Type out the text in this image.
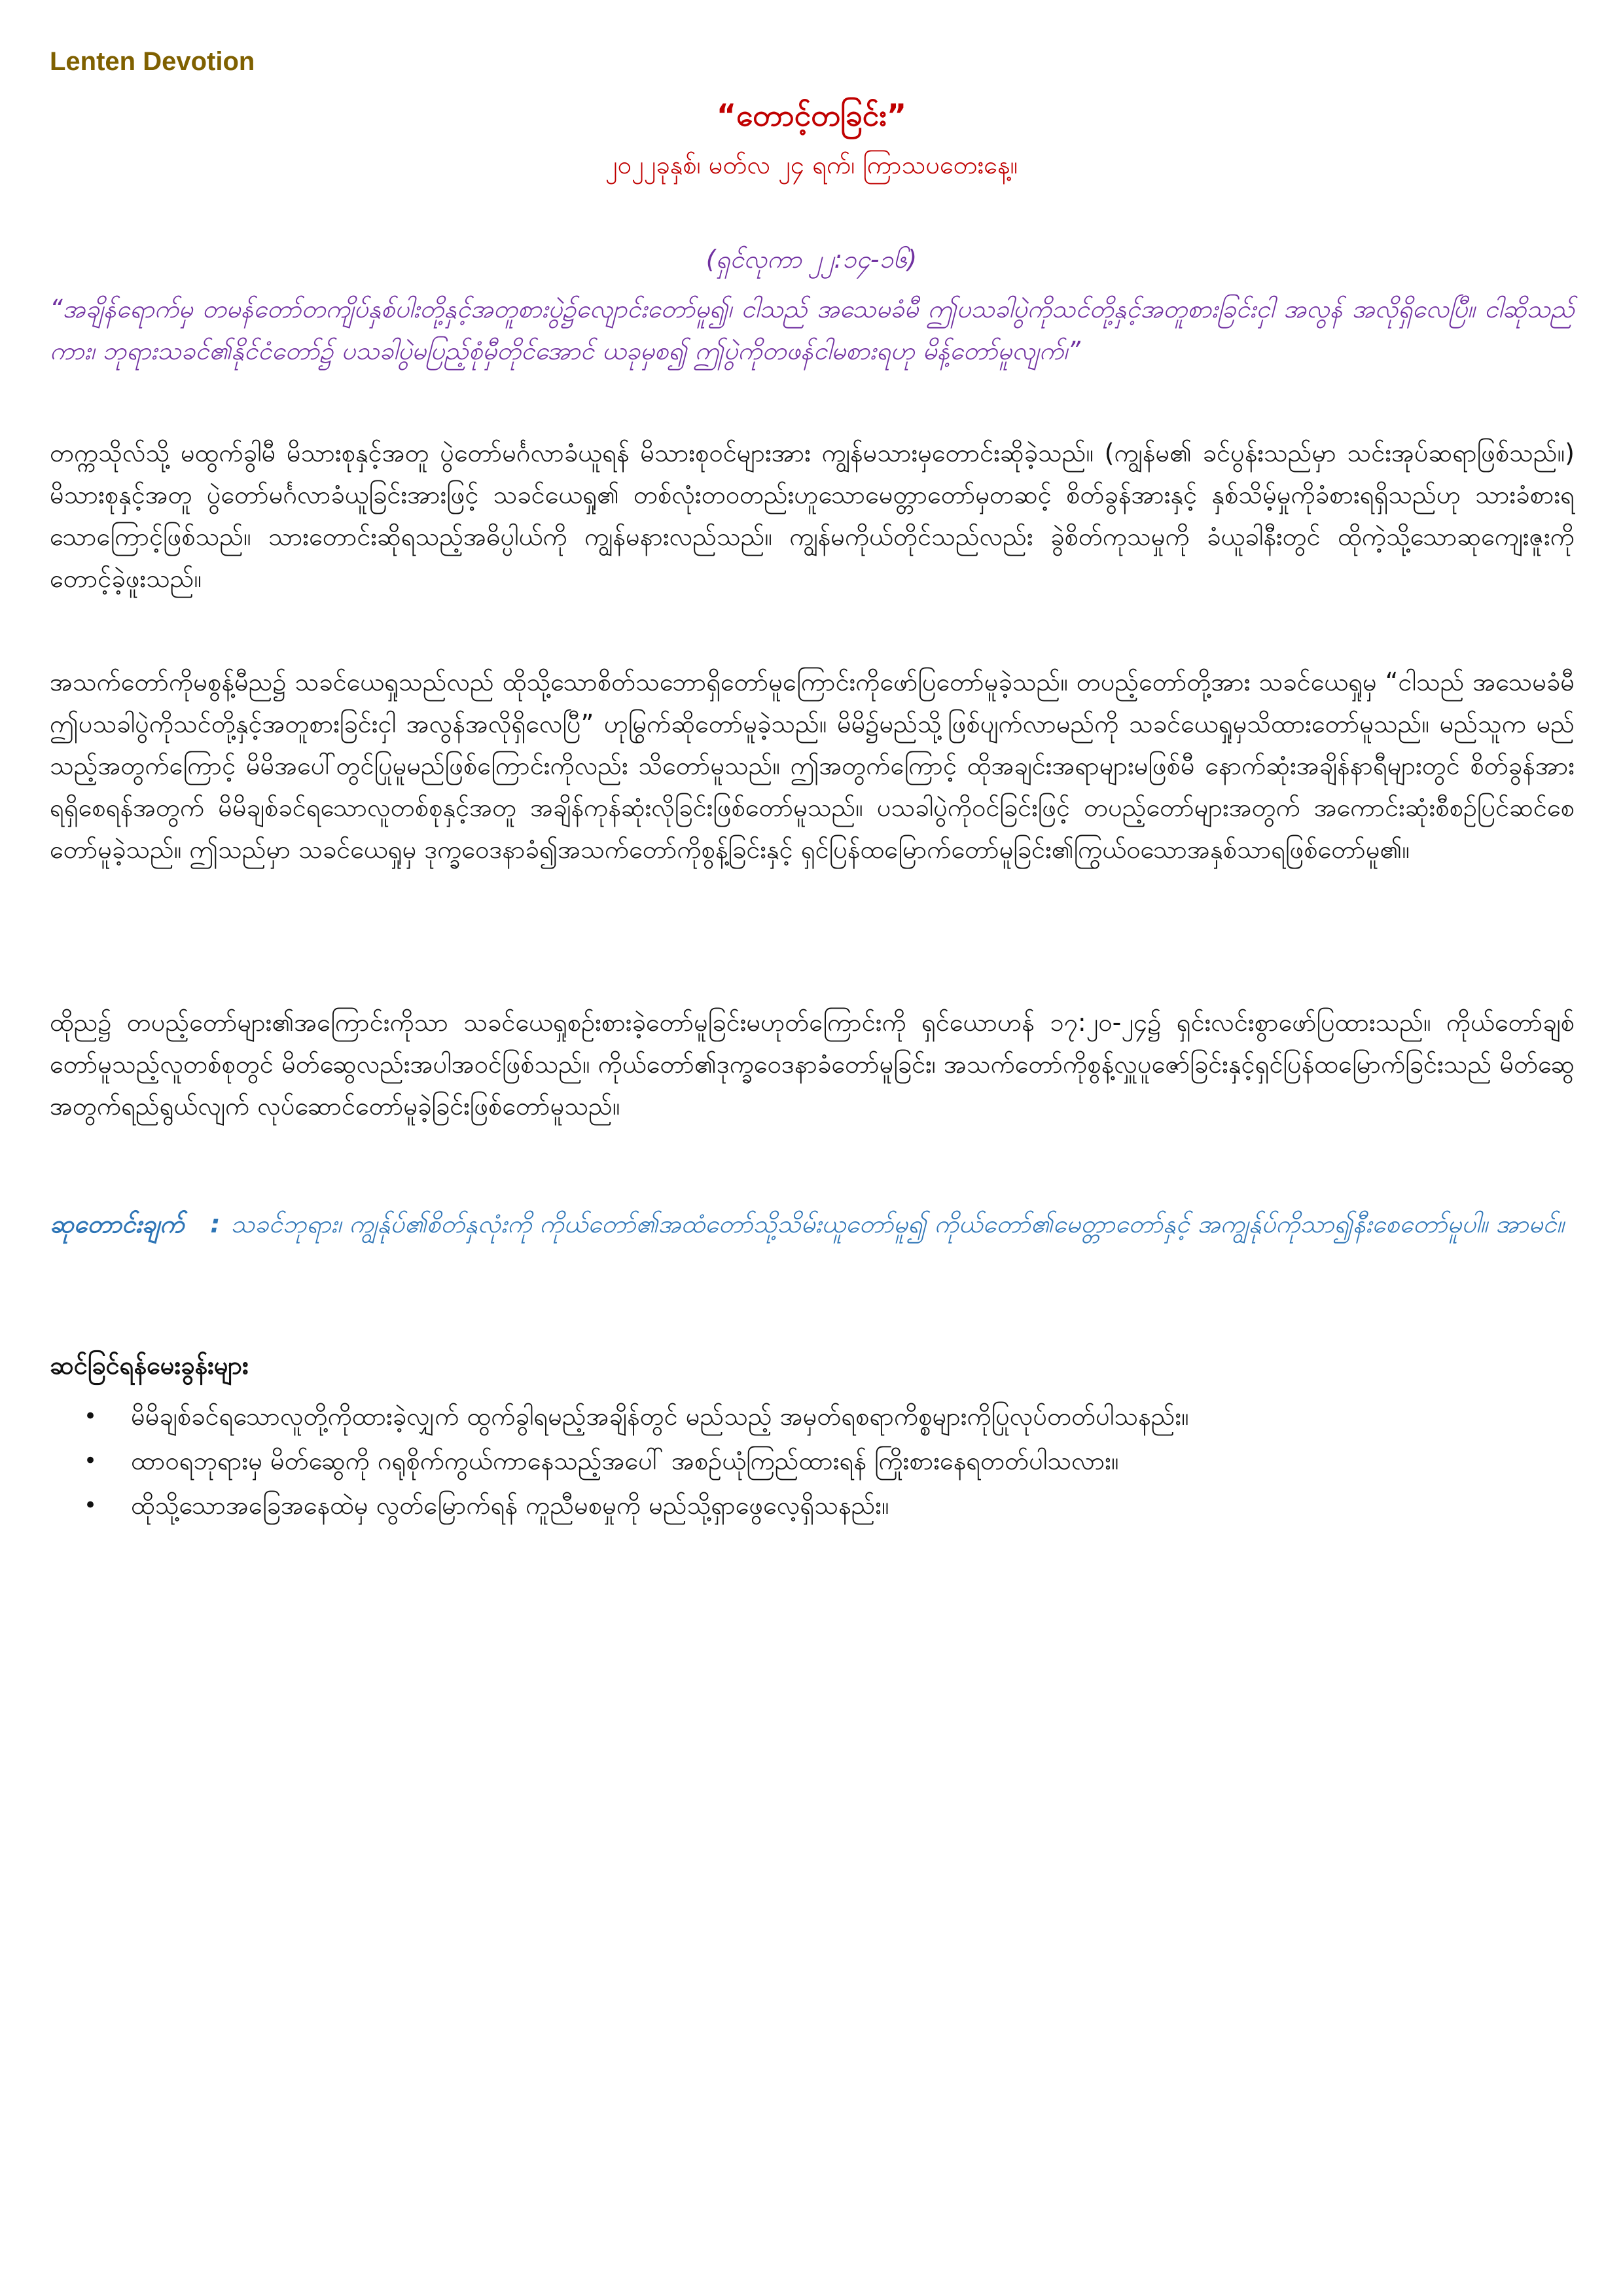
Lenten Devotion
“တောင့်တခြင်း”
၂၀၂၂ခုနှစ်၊ မတ်လ ၂၄ ရက်၊ ကြာသပတေးနေ့။
(ရှင်လုကာ ၂၂:၁၄-၁၆)
“အချိန်ရောက်မှ တမန်တော်တကျိပ်နှစ်ပါးတို့နှင့်အတူစားပွဲ၌လျောင်းတော်မူ၍၊ ငါသည် အသေမခံမီ ဤပသခါပွဲကိုသင်တို့နှင့်အတူစားခြင်းငှါ အလွန် အလိုရှိလေပြီ။ ငါဆိုသည်ကား၊ ဘုရားသခင်၏နိုင်ငံတော်၌ ပသခါပွဲမပြည့်စုံမှီတိုင်အောင် ယခုမှစ၍ ဤပွဲကိုတဖန်ငါမစားရဟု မိန့်တော်မူလျက်၊”
တက္ကသိုလ်သို့ မထွက်ခွါမီ မိသားစုနှင့်အတူ ပွဲတော်မင်္ဂလာခံယူရန် မိသားစုဝင်များအား ကျွန်မသားမှတောင်းဆိုခဲ့သည်။ (ကျွန်မ၏ ခင်ပွန်းသည်မှာ သင်းအုပ်ဆရာဖြစ်သည်။) မိသားစုနှင့်အတူ ပွဲတော်မင်္ဂလာခံယူခြင်းအားဖြင့် သခင်ယေရှု၏ တစ်လုံးတဝတည်းဟူသောမေတ္တာတော်မှတဆင့် စိတ်ခွန်အားနှင့် နှစ်သိမ့်မှုကိုခံစားရရှိသည်ဟု သားခံစားရသောကြောင့်ဖြစ်သည်။ သားတောင်းဆိုရသည့်အဓိပ္ပါယ်ကို ကျွန်မနားလည်သည်။ ကျွန်မကိုယ်တိုင်သည်လည်း ခွဲစိတ်ကုသမှုကို ခံယူခါနီးတွင် ထိုကဲ့သို့သောဆုကျေးဇူးကို တောင့်ခဲ့ဖူးသည်။
အသက်တော်ကိုမစွန့်မီည၌ သခင်ယေရှုသည်လည် ထိုသို့သောစိတ်သဘောရှိတော်မူကြောင်းကိုဖော်ပြတော်မူခဲ့သည်။ တပည့်တော်တို့အား သခင်ယေရှုမှ “ငါသည် အသေမခံမီ ဤပသခါပွဲကိုသင်တို့နှင့်အတူစားခြင်းငှါ အလွန်အလိုရှိလေပြီ” ဟုမြွက်ဆိုတော်မူခဲ့သည်။ မိမိ၌မည်သို့ဖြစ်ပျက်လာမည်ကို သခင်ယေရှုမှသိထားတော်မူသည်။ မည်သူက မည်သည့်အတွက်ကြောင့် မိမိအပေါ်တွင်ပြုမူမည်ဖြစ်ကြောင်းကိုလည်း သိတော်မူသည်။ ဤအတွက်ကြောင့် ထိုအချင်းအရာများမဖြစ်မီ နောက်ဆုံးအချိန်နာရီများတွင် စိတ်ခွန်အားရရှိစေရန်အတွက် မိမိချစ်ခင်ရသောလူတစ်စုနှင့်အတူ အချိန်ကုန်ဆုံးလိုခြင်းဖြစ်တော်မူသည်။ ပသခါပွဲကိုဝင်ခြင်းဖြင့် တပည့်တော်များအတွက် အကောင်းဆုံးစီစဉ်ပြင်ဆင်စေတော်မူခဲ့သည်။ ဤသည်မှာ သခင်ယေရှုမှ ဒုက္ခဝေဒနာခံ၍အသက်တော်ကိုစွန့်ခြင်းနှင့် ရှင်ပြန်ထမြောက်တော်မူခြင်း၏ကြွယ်ဝသောအနှစ်သာရဖြစ်တော်မူ၏။
ထိုည၌ တပည့်တော်များ၏အကြောင်းကိုသာ သခင်ယေရှုစဉ်းစားခဲ့တော်မူခြင်းမဟုတ်ကြောင်းကို ရှင်ယောဟန် ၁၇:၂၀-၂၄၌ ရှင်းလင်းစွာဖော်ပြထားသည်။ ကိုယ်တော်ချစ်တော်မူသည့်လူတစ်စုတွင် မိတ်ဆွေလည်းအပါအဝင်ဖြစ်သည်။ ကိုယ်တော်၏ဒုက္ခဝေဒနာခံတော်မူခြင်း၊ အသက်တော်ကိုစွန့်လှူပူဇော်ခြင်းနှင့်ရှင်ပြန်ထမြောက်ခြင်းသည် မိတ်ဆွေအတွက်ရည်ရွယ်လျက် လုပ်ဆောင်တော်မူခဲ့ခြင်းဖြစ်တော်မူသည်။
ဆုတောင်းချက် : သခင်ဘုရား၊ ကျွန်ုပ်၏စိတ်နှလုံးကို ကိုယ်တော်၏အထံတော်သို့သိမ်းယူတော်မူ၍ ကိုယ်တော်၏မေတ္တာတော်နှင့် အကျွန်ုပ်ကိုသာ၍နီးစေတော်မူပါ။ အာမင်။
ဆင်ခြင်ရန်မေးခွန်းများ
• မိမိချစ်ခင်ရသောလူတို့ကိုထားခဲ့လျှက် ထွက်ခွါရမည့်အချိန်တွင် မည်သည့် အမှတ်ရစရာကိစ္စများကိုပြုလုပ်တတ်ပါသနည်း။
• ထာဝရဘုရားမှ မိတ်ဆွေကို ဂရုစိုက်ကွယ်ကာနေသည့်အပေါ် အစဉ်ယုံကြည်ထားရန် ကြိုးစားနေရတတ်ပါသလား။
• ထိုသို့သောအခြေအနေထဲမှ လွတ်မြောက်ရန် ကူညီမစမှုကို မည်သို့ရှာဖွေလေ့ရှိသနည်း။
